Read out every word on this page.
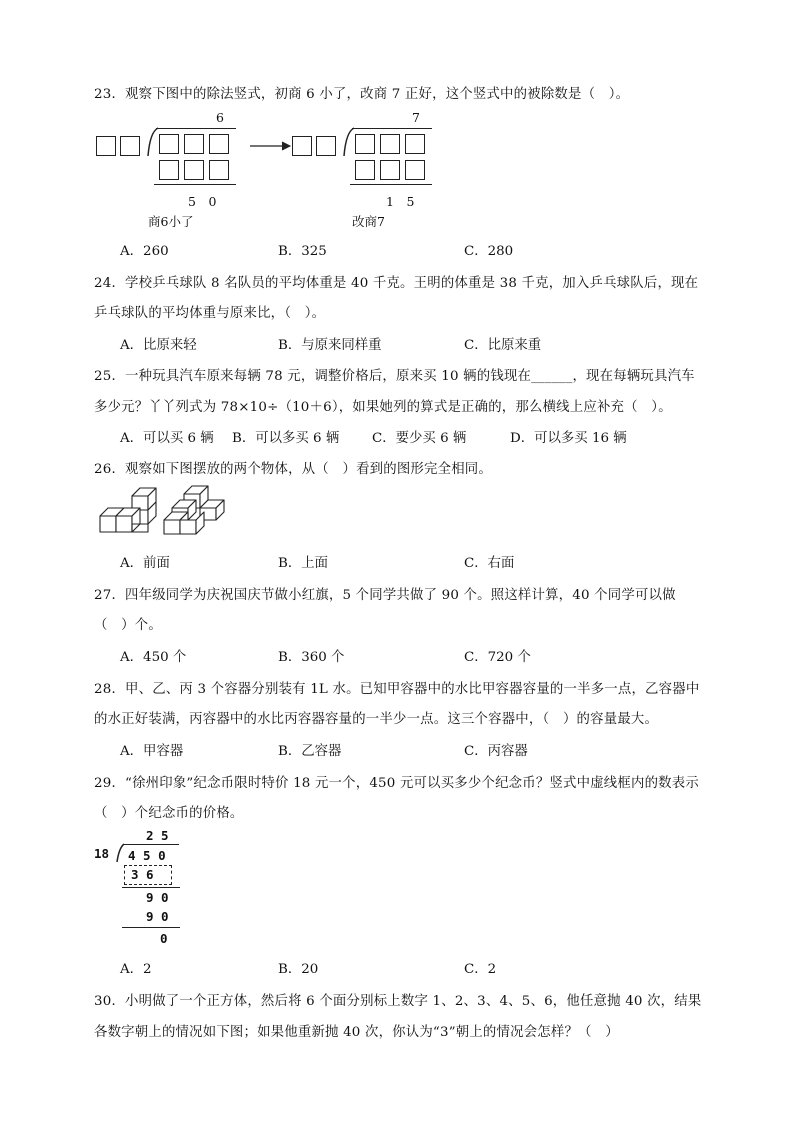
23．观察下图中的除法竖式，初商 6 小了，改商 7 正好，这个竖式中的被除数是（　）。
6
5　0
商6小了
7
1　5
改商7
A．260	B．325	C．280
24．学校乒乓球队 8 名队员的平均体重是 40 千克。王明的体重是 38 千克，加入乒乓球队后，现在
乒乓球队的平均体重与原来比，（　）。
A．比原来轻	B．与原来同样重	C．比原来重
25．一种玩具汽车原来每辆 78 元，调整价格后，原来买 10 辆的钱现在______，现在每辆玩具汽车
多少元？丫丫列式为 78×10÷（10＋6），如果她列的算式是正确的，那么横线上应补充（　）。
A．可以买 6 辆 B．可以多买 6 辆 C．要少买 6 辆	D．可以多买 16 辆
26．观察如下图摆放的两个物体，从（　）看到的图形完全相同。
A．前面	B．上面	C．右面
27．四年级同学为庆祝国庆节做小红旗，5 个同学共做了 90 个。照这样计算，40 个同学可以做
（　）个。
A．450 个	B．360 个	C．720 个
28．甲、乙、丙 3 个容器分别装有 1L 水。已知甲容器中的水比甲容器容量的一半多一点，乙容器中
的水正好装满，丙容器中的水比丙容器容量的一半少一点。这三个容器中，（　）的容量最大。
A．甲容器	B．乙容器	C．丙容器
29．“徐州印象”纪念币限时特价 18 元一个，450 元可以买多少个纪念币？竖式中虚线框内的数表示
（　）个纪念币的价格。
2 5
18 4 5 0
3 6
9 0
9 0
0
A．2	B．20	C．2
30．小明做了一个正方体，然后将 6 个面分别标上数字 1、2、3、4、5、6，他任意抛 40 次，结果
各数字朝上的情况如下图；如果他重新抛 40 次，你认为“3”朝上的情况会怎样？（　）
